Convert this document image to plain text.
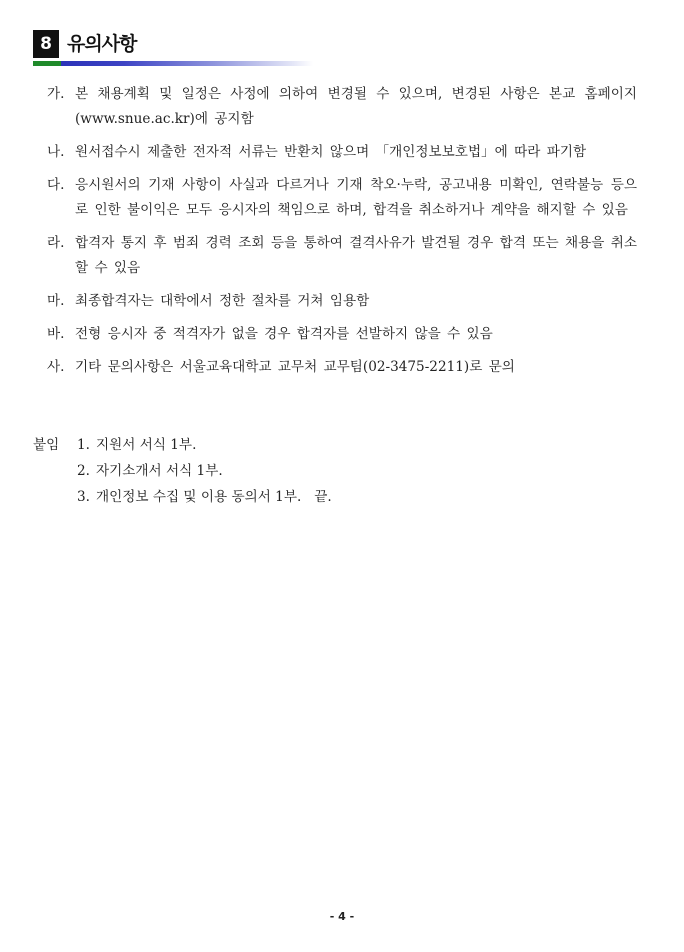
8 유의사항
가. 본 채용계획 및 일정은 사정에 의하여 변경될 수 있으며, 변경된 사항은 본교 홈페이지(www.snue.ac.kr)에 공지함
나. 원서접수시 제출한 전자적 서류는 반환치 않으며 「개인정보보호법」에 따라 파기함
다. 응시원서의 기재 사항이 사실과 다르거나 기재 착오·누락, 공고내용 미확인, 연락불능 등으로 인한 불이익은 모두 응시자의 책임으로 하며, 합격을 취소하거나 계약을 해지할 수 있음
라. 합격자 통지 후 범죄 경력 조회 등을 통하여 결격사유가 발견될 경우 합격 또는 채용을 취소할 수 있음
마. 최종합격자는 대학에서 정한 절차를 거쳐 임용함
바. 전형 응시자 중 적격자가 없을 경우 합격자를 선발하지 않을 수 있음
사. 기타 문의사항은 서울교육대학교 교무처 교무팀(02-3475-2211)로 문의
붙임 1. 지원서 서식 1부.
2. 자기소개서 서식 1부.
3. 개인정보 수집 및 이용 동의서 1부.   끝.
- 4 -
